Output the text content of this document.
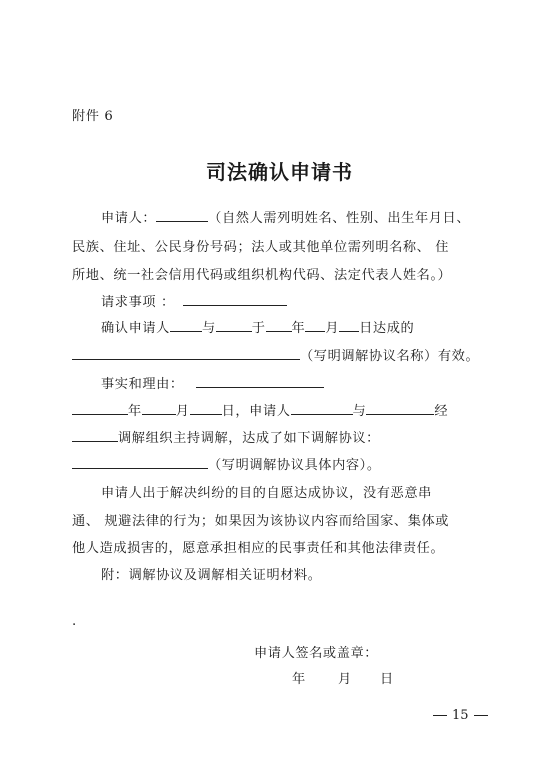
附件 6
司法确认申请书
申请人：	（自然人需列明姓名、性别、出生年月日、
民族、住址、公民身份号码；法人或其他单位需列明名称、 住
所地、统一社会信用代码或组织机构代码、法定代表人姓名。）
请求事项 ：
确认申请人 与	于 年 月 日达成的
（写明调解协议名称）有效。
事实和理由：
年	月 日，申请人	与	经
调解组织主持调解，达成了如下调解协议：
（写明调解协议具体内容）。
申请人出于解决纠纷的目的自愿达成协议，没有恶意串
通、 规避法律的行为；如果因为该协议内容而给国家、集体或
他人造成损害的，愿意承担相应的民事责任和其他法律责任。
附：调解协议及调解相关证明材料。
.
申请人签名或盖章：
年 月 日
15
